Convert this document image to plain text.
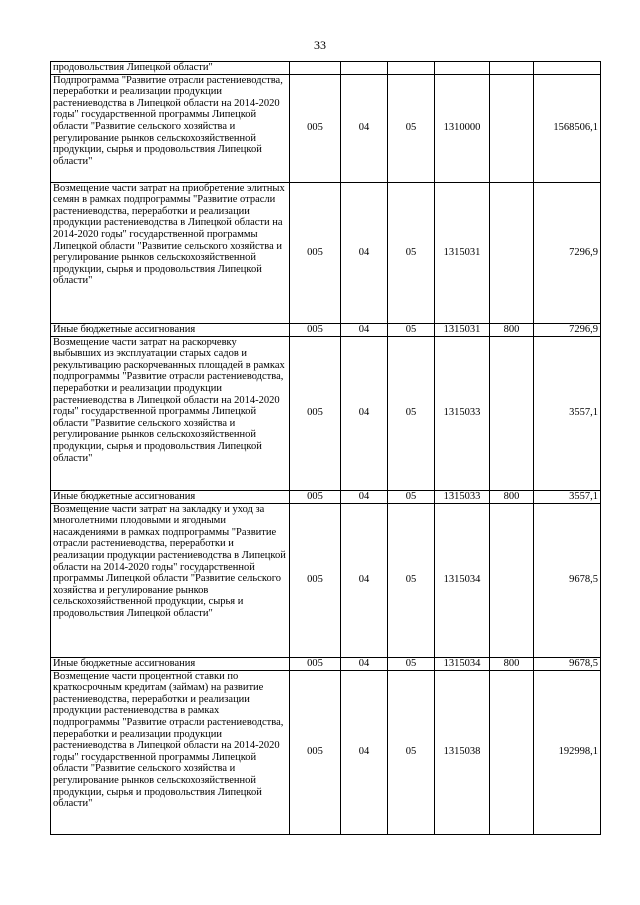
33
продовольствия Липецкой области"						
Подпрограмма "Развитие отрасли растениеводства, переработки и реализации продукции растениеводства в Липецкой области на 2014-2020 годы" государственной программы Липецкой области "Развитие сельского хозяйства и регулирование рынков сельскохозяйственной продукции, сырья и продовольствия Липецкой области"	005	04	05	1310000		1568506,1
Возмещение части затрат на приобретение элитных семян в рамках подпрограммы "Развитие отрасли растениеводства, переработки и реализации продукции растениеводства в Липецкой области на 2014-2020 годы" государственной программы Липецкой области "Развитие сельского хозяйства и регулирование рынков сельскохозяйственной продукции, сырья и продовольствия Липецкой области"	005	04	05	1315031		7296,9
Иные бюджетные ассигнования	005	04	05	1315031	800	7296,9
Возмещение части затрат на раскорчевку выбывших из эксплуатации старых садов и рекультивацию раскорчеванных площадей в рамках подпрограммы "Развитие отрасли растениеводства, переработки и реализации продукции растениеводства в Липецкой области на 2014-2020 годы" государственной программы Липецкой области "Развитие сельского хозяйства и регулирование рынков сельскохозяйственной продукции, сырья и продовольствия Липецкой области"	005	04	05	1315033		3557,1
Иные бюджетные ассигнования	005	04	05	1315033	800	3557,1
Возмещение части затрат на закладку и уход за многолетними плодовыми и ягодными насаждениями в рамках подпрограммы "Развитие отрасли растениеводства, переработки и реализации продукции растениеводства в Липецкой области на 2014-2020 годы" государственной программы Липецкой области "Развитие сельского хозяйства и регулирование рынков сельскохозяйственной продукции, сырья и продовольствия Липецкой области"	005	04	05	1315034		9678,5
Иные бюджетные ассигнования	005	04	05	1315034	800	9678,5
Возмещение части процентной ставки по краткосрочным кредитам (займам) на развитие растениеводства, переработки и реализации продукции растениеводства в рамках подпрограммы "Развитие отрасли растениеводства, переработки и реализации продукции растениеводства в Липецкой области на 2014-2020 годы" государственной программы Липецкой области "Развитие сельского хозяйства и регулирование рынков сельскохозяйственной продукции, сырья и продовольствия Липецкой области"	005	04	05	1315038		192998,1
